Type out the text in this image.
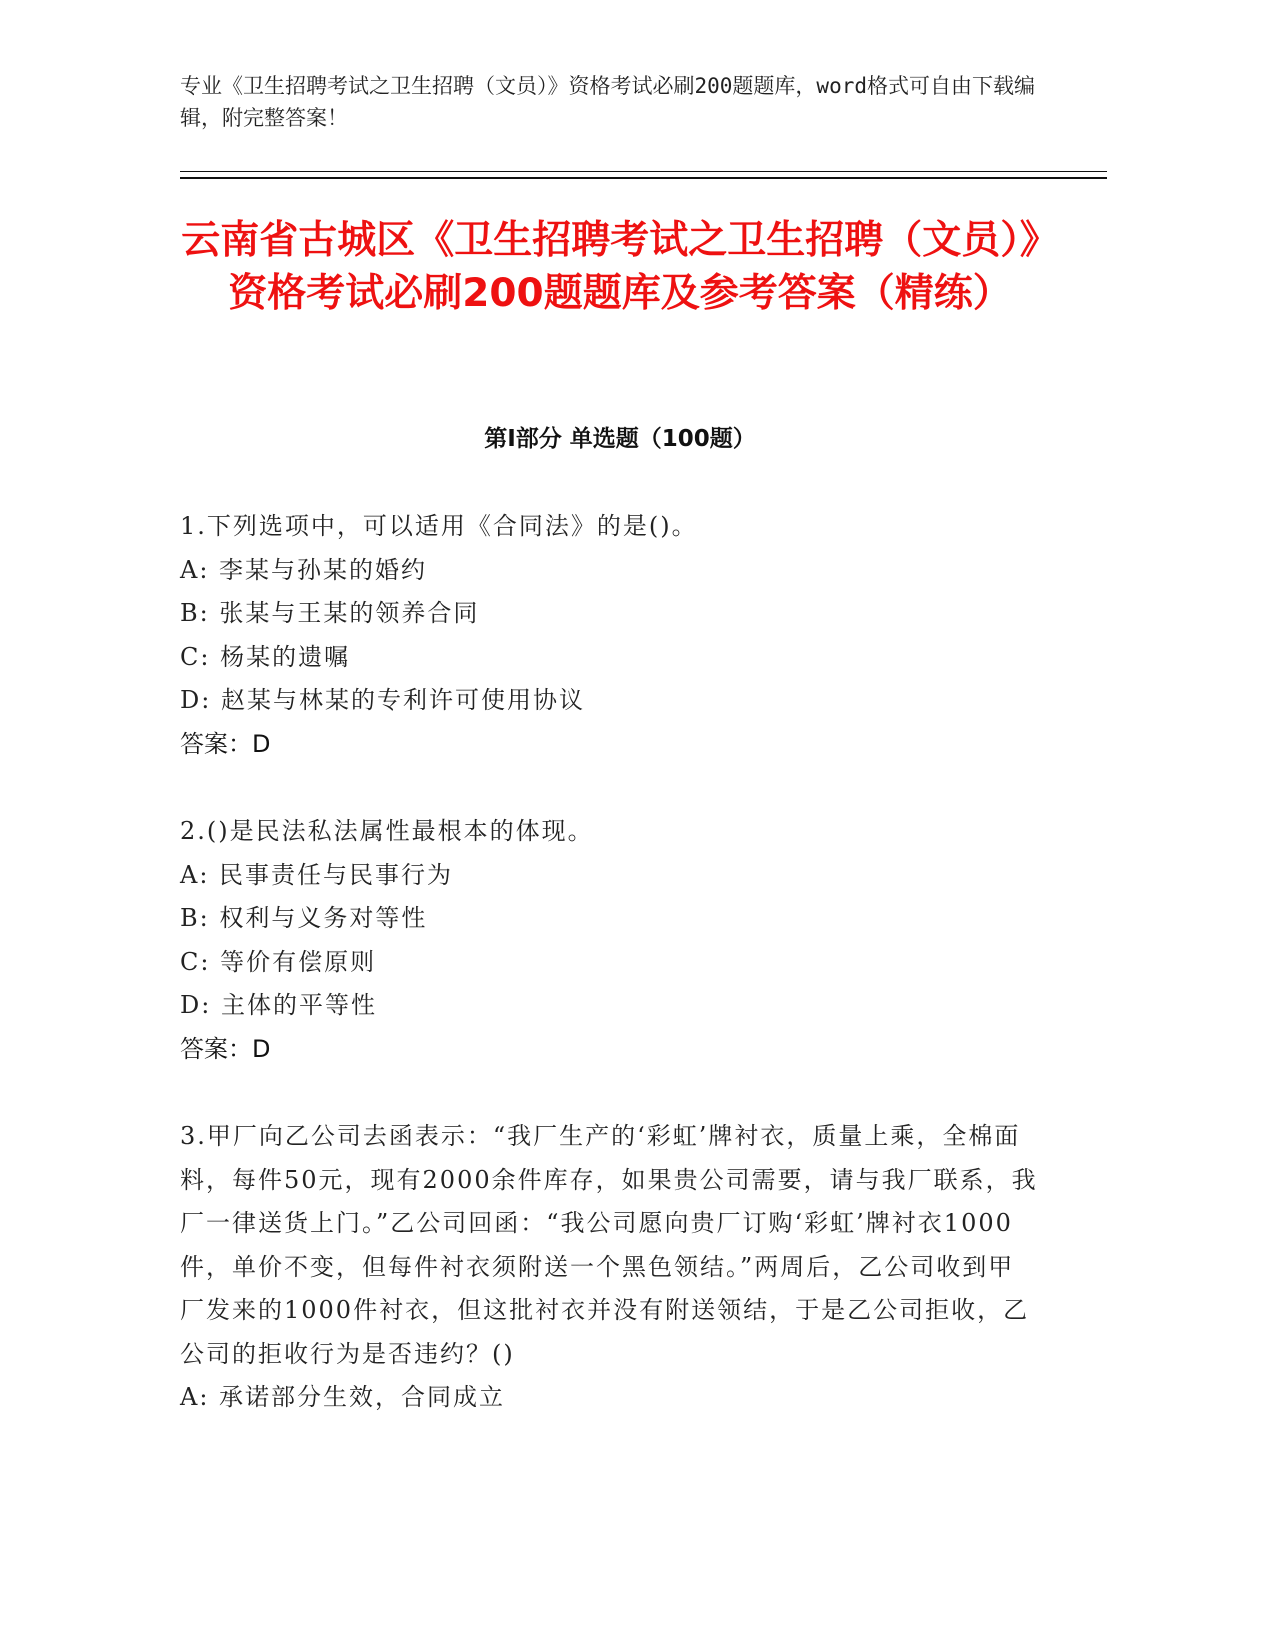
专业《卫生招聘考试之卫生招聘（文员）》资格考试必刷200题题库，word格式可自由下载编辑，附完整答案！
云南省古城区《卫生招聘考试之卫生招聘（文员）》资格考试必刷200题题库及参考答案（精练）
第I部分 单选题（100题）
1.下列选项中，可以适用《合同法》的是()。
A: 李某与孙某的婚约
B: 张某与王某的领养合同
C: 杨某的遗嘱
D: 赵某与林某的专利许可使用协议
答案：D
2.()是民法私法属性最根本的体现。
A: 民事责任与民事行为
B: 权利与义务对等性
C: 等价有偿原则
D: 主体的平等性
答案：D
3.甲厂向乙公司去函表示：“我厂生产的‘彩虹’牌衬衣，质量上乘，全棉面料，每件50元，现有2000余件库存，如果贵公司需要，请与我厂联系，我厂一律送货上门。”乙公司回函：“我公司愿向贵厂订购‘彩虹’牌衬衣1000件，单价不变，但每件衬衣须附送一个黑色领结。”两周后，乙公司收到甲厂发来的1000件衬衣，但这批衬衣并没有附送领结，于是乙公司拒收，乙公司的拒收行为是否违约？()
A: 承诺部分生效，合同成立
